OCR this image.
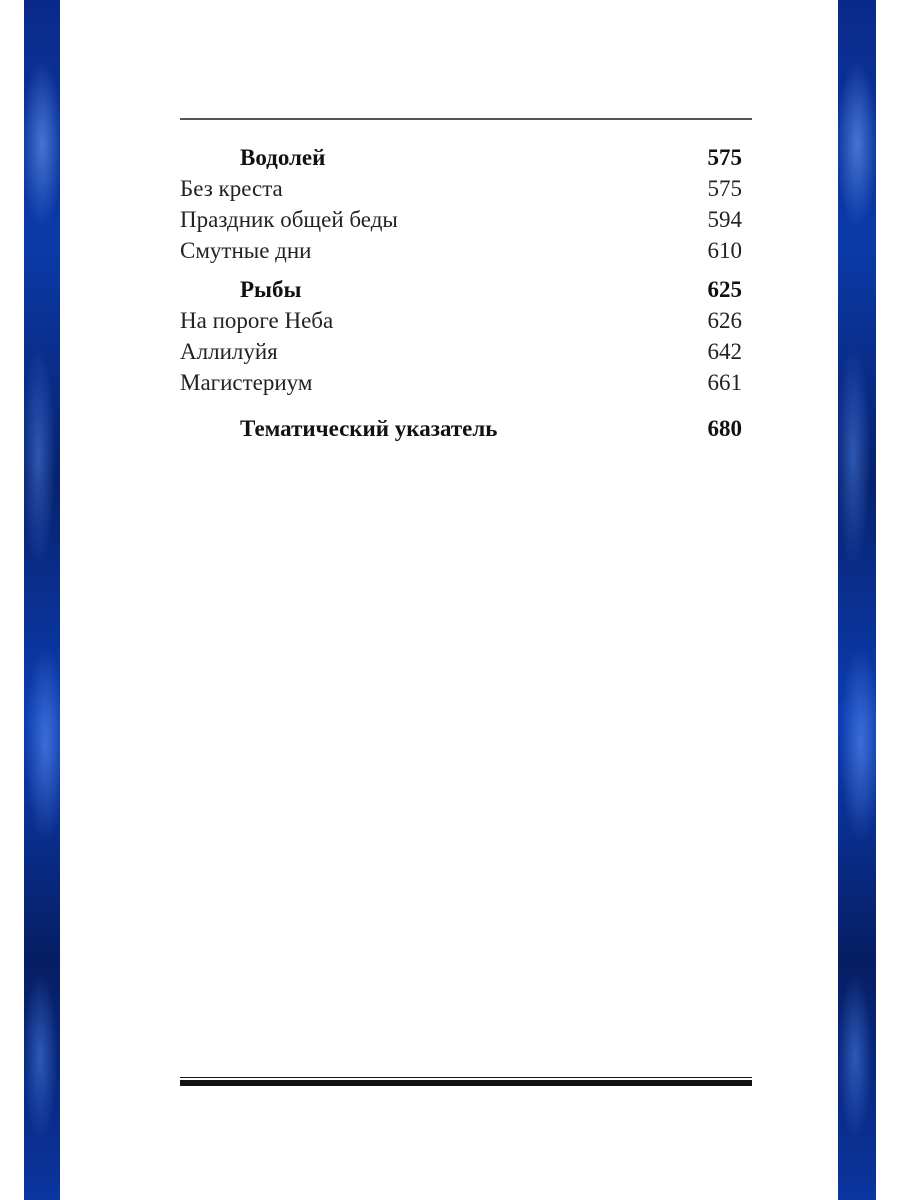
Водолей	575
Без креста	575
Праздник общей беды	594
Смутные дни	610
Рыбы	625
На пороге Неба	626
Аллилуйя	642
Магистериум	661
Тематический указатель	680
